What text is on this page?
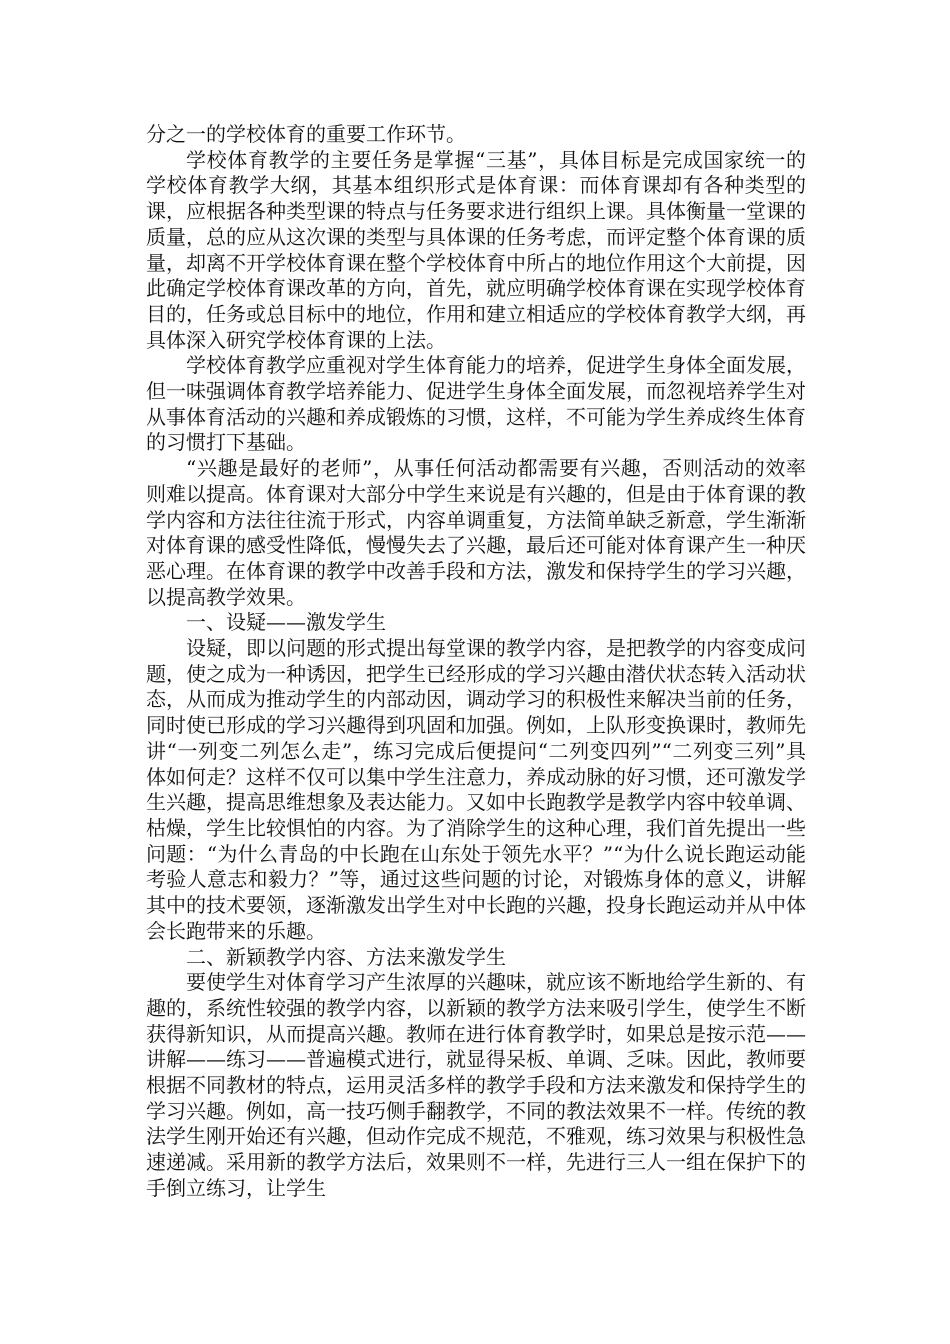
分之一的学校体育的重要工作环节。

学校体育教学的主要任务是掌握“三基”，具体目标是完成国家统一的学校体育教学大纲，其基本组织形式是体育课：而体育课却有各种类型的课，应根据各种类型课的特点与任务要求进行组织上课。具体衡量一堂课的质量，总的应从这次课的类型与具体课的任务考虑，而评定整个体育课的质量，却离不开学校体育课在整个学校体育中所占的地位作用这个大前提，因此确定学校体育课改革的方向，首先，就应明确学校体育课在实现学校体育目的，任务或总目标中的地位，作用和建立相适应的学校体育教学大纲，再具体深入研究学校体育课的上法。

学校体育教学应重视对学生体育能力的培养，促进学生身体全面发展，但一味强调体育教学培养能力、促进学生身体全面发展，而忽视培养学生对从事体育活动的兴趣和养成锻炼的习惯，这样，不可能为学生养成终生体育的习惯打下基础。

“兴趣是最好的老师”，从事任何活动都需要有兴趣，否则活动的效率则难以提高。体育课对大部分中学生来说是有兴趣的，但是由于体育课的教学内容和方法往往流于形式，内容单调重复，方法简单缺乏新意，学生渐渐对体育课的感受性降低，慢慢失去了兴趣，最后还可能对体育课产生一种厌恶心理。在体育课的教学中改善手段和方法，激发和保持学生的学习兴趣，以提高教学效果。

一、设疑——激发学生

设疑，即以问题的形式提出每堂课的教学内容，是把教学的内容变成问题，使之成为一种诱因，把学生已经形成的学习兴趣由潜伏状态转入活动状态，从而成为推动学生的内部动因，调动学习的积极性来解决当前的任务，同时使已形成的学习兴趣得到巩固和加强。例如，上队形变换课时，教师先讲“一列变二列怎么走”，练习完成后便提问“二列变四列”“二列变三列”具体如何走？这样不仅可以集中学生注意力，养成动脉的好习惯，还可激发学生兴趣，提高思维想象及表达能力。又如中长跑教学是教学内容中较单调、枯燥，学生比较惧怕的内容。为了消除学生的这种心理，我们首先提出一些问题：“为什么青岛的中长跑在山东处于领先水平？”“为什么说长跑运动能考验人意志和毅力？”等，通过这些问题的讨论，对锻炼身体的意义，讲解其中的技术要领，逐渐激发出学生对中长跑的兴趣，投身长跑运动并从中体会长跑带来的乐趣。

二、新颖教学内容、方法来激发学生

要使学生对体育学习产生浓厚的兴趣味，就应该不断地给学生新的、有趣的，系统性较强的教学内容，以新颖的教学方法来吸引学生，使学生不断获得新知识，从而提高兴趣。教师在进行体育教学时，如果总是按示范——讲解——练习——普遍模式进行，就显得呆板、单调、乏味。因此，教师要根据不同教材的特点，运用灵活多样的教学手段和方法来激发和保持学生的学习兴趣。例如，高一技巧侧手翻教学，不同的教法效果不一样。传统的教法学生刚开始还有兴趣，但动作完成不规范，不雅观，练习效果与积极性急速递减。采用新的教学方法后，效果则不一样，先进行三人一组在保护下的手倒立练习，让学生
